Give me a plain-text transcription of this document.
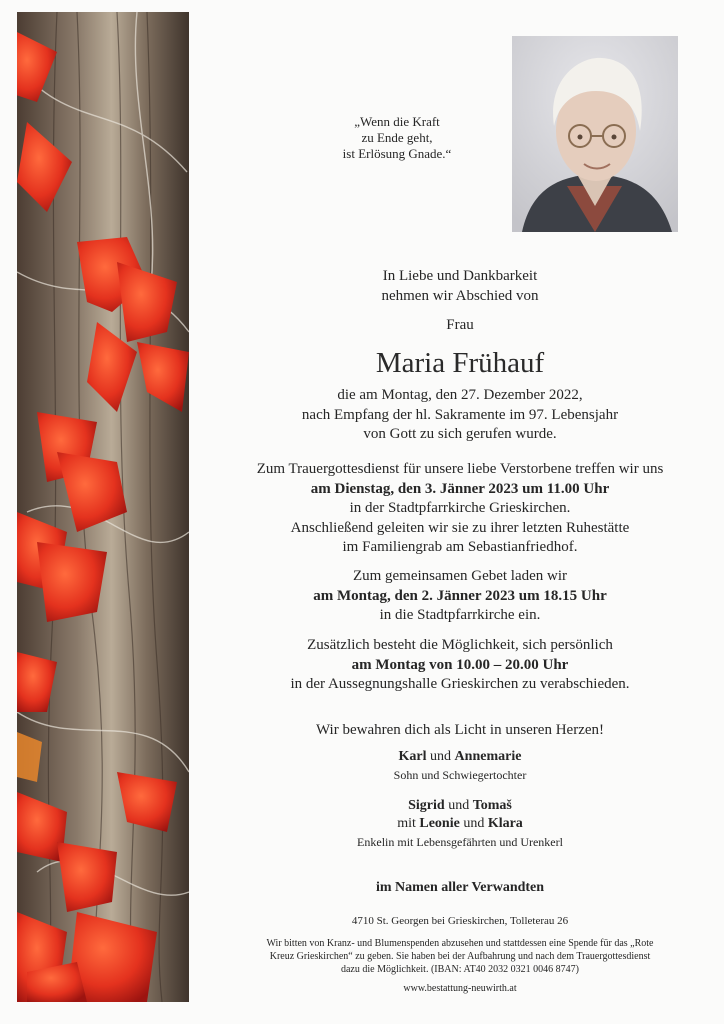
„Wenn die Kraft
zu Ende geht,
ist Erlösung Gnade.“
In Liebe und Dankbarkeit
nehmen wir Abschied von
Frau
Maria Frühauf
die am Montag, den 27. Dezember 2022,
nach Empfang der hl. Sakramente im 97. Lebensjahr
von Gott zu sich gerufen wurde.
Zum Trauergottesdienst für unsere liebe Verstorbene treffen wir uns
am Dienstag, den 3. Jänner 2023 um 11.00 Uhr
in der Stadtpfarrkirche Grieskirchen.
Anschließend geleiten wir sie zu ihrer letzten Ruhestätte
im Familiengrab am Sebastianfriedhof.
Zum gemeinsamen Gebet laden wir
am Montag, den 2. Jänner 2023 um 18.15 Uhr
in die Stadtpfarrkirche ein.
Zusätzlich besteht die Möglichkeit, sich persönlich
am Montag von 10.00 – 20.00 Uhr
in der Aussegnungshalle Grieskirchen zu verabschieden.
Wir bewahren dich als Licht in unseren Herzen!
Karl und Annemarie
Sohn und Schwiegertochter
Sigrid und Tomaš
mit Leonie und Klara
Enkelin mit Lebensgefährten und Urenkerl
im Namen aller Verwandten
4710 St. Georgen bei Grieskirchen, Tolleterau 26
Wir bitten von Kranz- und Blumenspenden abzusehen und stattdessen eine Spende für das „Rote
Kreuz Grieskirchen“ zu geben. Sie haben bei der Aufbahrung und nach dem Trauergottesdienst
dazu die Möglichkeit. (IBAN: AT40 2032 0321 0046 8747)
www.bestattung-neuwirth.at
